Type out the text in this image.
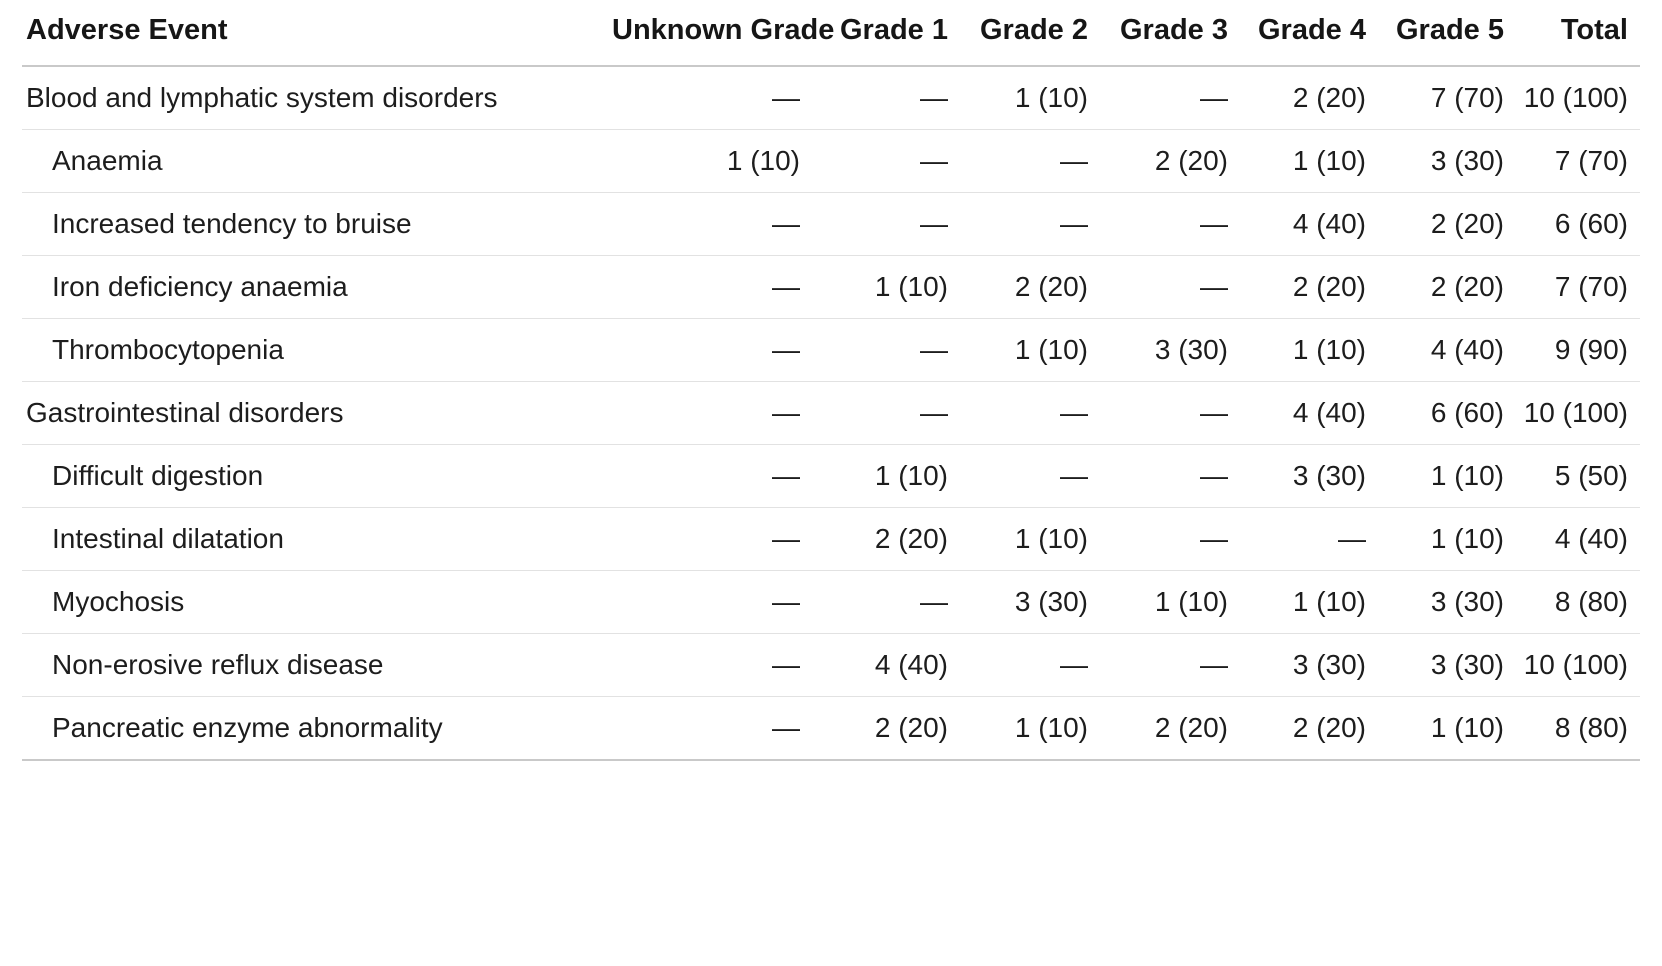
Adverse Event	Unknown Grade	Grade 1	Grade 2	Grade 3	Grade 4	Grade 5	Total
Blood and lymphatic system disorders	—	—	1 (10)	—	2 (20)	7 (70)	10 (100)
Anaemia	1 (10)	—	—	2 (20)	1 (10)	3 (30)	7 (70)
Increased tendency to bruise	—	—	—	—	4 (40)	2 (20)	6 (60)
Iron deficiency anaemia	—	1 (10)	2 (20)	—	2 (20)	2 (20)	7 (70)
Thrombocytopenia	—	—	1 (10)	3 (30)	1 (10)	4 (40)	9 (90)
Gastrointestinal disorders	—	—	—	—	4 (40)	6 (60)	10 (100)
Difficult digestion	—	1 (10)	—	—	3 (30)	1 (10)	5 (50)
Intestinal dilatation	—	2 (20)	1 (10)	—	—	1 (10)	4 (40)
Myochosis	—	—	3 (30)	1 (10)	1 (10)	3 (30)	8 (80)
Non-erosive reflux disease	—	4 (40)	—	—	3 (30)	3 (30)	10 (100)
Pancreatic enzyme abnormality	—	2 (20)	1 (10)	2 (20)	2 (20)	1 (10)	8 (80)
